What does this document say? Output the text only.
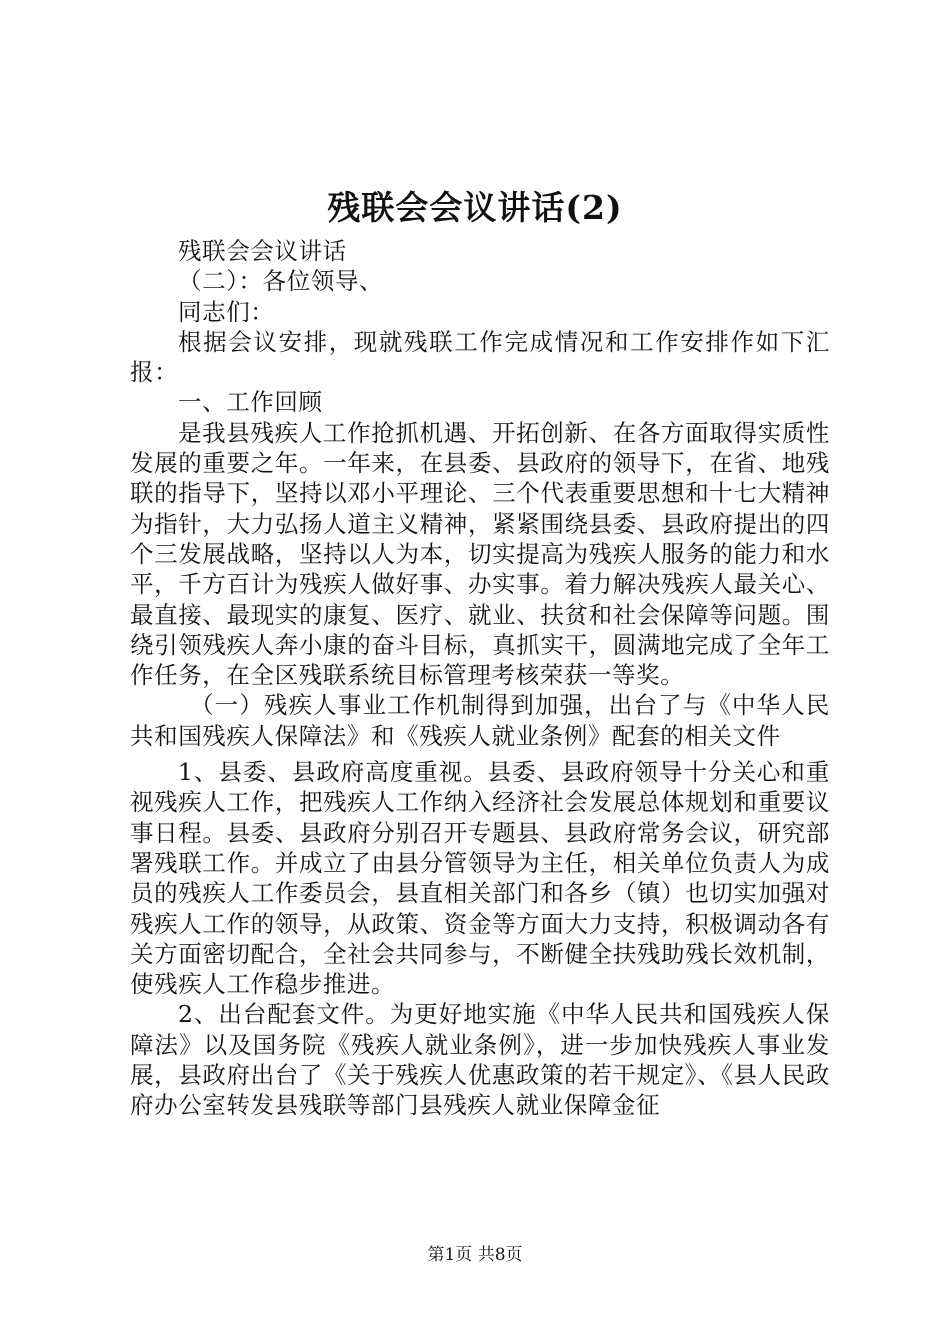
残联会会议讲话(2)

残联会会议讲话

（二）：各位领导、

同志们：

根据会议安排，现就残联工作完成情况和工作安排作如下汇报：

一、工作回顾

是我县残疾人工作抢抓机遇、开拓创新、在各方面取得实质性发展的重要之年。一年来，在县委、县政府的领导下，在省、地残联的指导下，坚持以邓小平理论、三个代表重要思想和十七大精神为指针，大力弘扬人道主义精神，紧紧围绕县委、县政府提出的四个三发展战略，坚持以人为本，切实提高为残疾人服务的能力和水平，千方百计为残疾人做好事、办实事。着力解决残疾人最关心、最直接、最现实的康复、医疗、就业、扶贫和社会保障等问题。围绕引领残疾人奔小康的奋斗目标，真抓实干，圆满地完成了全年工作任务，在全区残联系统目标管理考核荣获一等奖。

（一）残疾人事业工作机制得到加强，出台了与《中华人民共和国残疾人保障法》和《残疾人就业条例》配套的相关文件

1、县委、县政府高度重视。县委、县政府领导十分关心和重视残疾人工作，把残疾人工作纳入经济社会发展总体规划和重要议事日程。县委、县政府分别召开专题县、县政府常务会议，研究部署残联工作。并成立了由县分管领导为主任，相关单位负责人为成员的残疾人工作委员会，县直相关部门和各乡（镇）也切实加强对残疾人工作的领导，从政策、资金等方面大力支持，积极调动各有关方面密切配合，全社会共同参与，不断健全扶残助残长效机制，使残疾人工作稳步推进。

2、出台配套文件。为更好地实施《中华人民共和国残疾人保障法》以及国务院《残疾人就业条例》，进一步加快残疾人事业发展，县政府出台了《关于残疾人优惠政策的若干规定》、《县人民政府办公室转发县残联等部门县残疾人就业保障金征

第1页 共8页
